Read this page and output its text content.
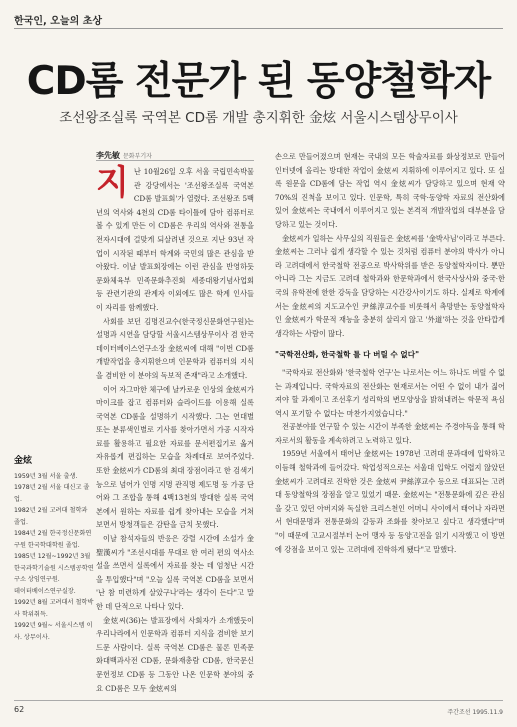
한국인, 오늘의 초상
CD롬 전문가 된 동양철학자
조선왕조실록 국역본 CD롬 개발 총지휘한 金炫 서울시스템상무이사
李先敏 문화부기자

지난 10월26일 오후 서울 국립민속박물관 강당에서는 '조선왕조실록 국역본 CD롬 발표회'가 열렸다. 조선왕조 5백년의 역사와 4천의 CD롬 타이틀에 담아 컴퓨터로 볼 수 있게 만든 이 CD롬은 우리의 역사와 전통을 전자시대에 걸맞게 되살려낸 것으로 지난 93년 작업이 시작된 때부터 학계와 국민의 많은 관심을 받아왔다. 이날 발표회장에는 이런 관심을 반영하듯 문화체육부 민족문화추진회 세종대왕기념사업회 등 관련기관의 관계자 이외에도 많은 학계 인사들이 자리를 함께했다.

사회를 보던 김명진교수(한국정신문화연구원)는 설명과 시연을 담당할 서울시스템상무이사 겸 한국데이터베이스연구소장 金炫씨에 대해 "이번 CD롬 개발작업을 총지휘한으며 인문학과 컴퓨터의 지식을 겸비한 이 분야의 독보적 존재"라고 소개했다.

이어 자그마한 체구에 날카로운 인상의 金炫씨가 마이크를 잡고 컴퓨터와 슬라이드를 이용해 실록 국역본 CD롬을 설명하기 시작했다. 그는 연대별 또는 분류색인별로 기사를 찾아가면서 가공 시작자료를 활용하고 필요한 자료를 문서편집기로 옮겨 자유롭게 편집하는 모습을 차례대로 보여주었다. 또한 金炫씨가 CD롬의 최대 장점이라고 한 검색기능으로 넘어가 인명 지명 관직명 제도명 등 가공 단어와 그 조합을 통해 4백13천의 방대한 실록 국역본에서 원하는 자료를 쉽게 찾아내는 모습을 거쳐보면서 방청객들은 감탄을 금치 못했다.

이날 참석자들의 반응은 강렬 시간에 소설가 金聖漢씨가 "조선시대를 무대로 한 여러 편의 역사소설을 쓰면서 실록에서 자료를 찾는 데 엄청난 시간을 투입했다"며 "오늘 실록 국역본 CD롬을 보면서 '난 참 미련하게 살았구나'라는 생각이 든다"고 말한 데 단적으로 나타나 있다.

金炫씨(36)는 발표장에서 사회자가 소개했듯이 우리나라에서 인문학과 컴퓨터 지식을 겸비한 보기 드문 사람이다. 실록 국역본 CD롬은 물론 민족문화대백과사전 CD롬, 문화재총람 CD롬, 한국문신문헌정보 CD롬 등 그동안 나온 인문학 분야의 중요 CD롬은 모두 金炫씨의

손으로 만들어졌으며 현재는 국내의 모든 학술자료를 화상정보로 만들어 인터넷에 올리는 방대한 작업이 金炫씨 지휘하에 이루어지고 있다. 또 실록 원문을 CD롬에 담는 작업 역시 金炫씨가 담당하고 있으며 현재 약 70%의 진척을 보이고 있다. 인문학, 특히 국학·동양학 자료의 전산화에 있어 金炫씨는 국내에서 이루어지고 있는 본격적 개발작업의 대부분을 담당하고 있는 것이다.

金炫씨가 일하는 사무실의 직원들은 金炫씨를 '金박사님'이라고 부른다. 金炫씨는 그러나 쉽게 생각할 수 있는 것처럼 컴퓨터 분야의 박사가 아니라 고려대에서 한국철학 전공으로 박사학위를 받은 동양철학자이다. 뿐만 아니라 그는 지금도 고려대 철학과와 한문학과에서 한국사상사와 중국·한국의 유학전에 한한 강독을 담당하는 시간강사이기도 하다. 실제로 학계에서는 金炫씨의 지도교수인 尹絲淳교수를 비롯해서 촉망받는 동양철학자인 金炫씨가 학문적 재능을 충분히 살리지 않고 '外道'하는 것을 안타깝게 생각하는 사람이 많다.

"국학전산화, 한국철학 틀 다 버릴 수 없다"

"국학자료 전산화와 '한국철학 연구'는 나로서는 어느 하나도 버릴 수 없는 과제입니다. 국학자료의 전산화는 현재로서는 어떤 수 없이 내가 짊어져야 할 과제이고 조선후기 성리학의 변모양상을 밝혀내려는 학문적 욕심 역시 포기할 수 없다는 마찬가지였습니다."

전공분야를 연구할 수 있는 시간이 부족한 金炫씨는 주경야독을 통해 학자로서의 활동을 계속하려고 노력하고 있다.

1959년 서울에서 태어난 金炫씨는 1978년 고려대 문과대에 입학하고 이듬해 철학과에 들어갔다. 학업성적으로는 서울대 입학도 어렵지 않았던 金炫씨가 고려대로 진학한 것은 金炫씨 尹絲淳교수 등으로 대표되는 고려대 동양철학의 장점을 알고 있었기 때문. 金炫씨는 "전통문화에 깊은 관심을 갖고 있던 아버지와 독실한 크리스천인 어머니 사이에서 태어나 자라면서 현대문명과 전통문화의 갈등과 조화를 찾아보고 싶다고 생각했다"며 "이 때문에 고교시절부터 논어 맹자 등 동양고전을 읽기 시작했고 이 방면에 강점을 보이고 있는 고려대에 진학하게 됐다"고 말했다.

金炫
1959년 3월 서울 출생.
1978년 2월 서울 대신고 졸업.
1982년 2월 고려대 철학과 졸업.
1984년 2월 한국정신문화연구원 한국학대학원 졸업.
1985년 12월~1992년 3월 한국과학기술원 시스템공학연구소 상임연구원.
데이터베이스연구실장.
1992년 8월 고려대서 철학박사 학위취득.
1992년 9월~ 서울시스템 이사. 상무이사.
62	주간조선 1995.11.9
